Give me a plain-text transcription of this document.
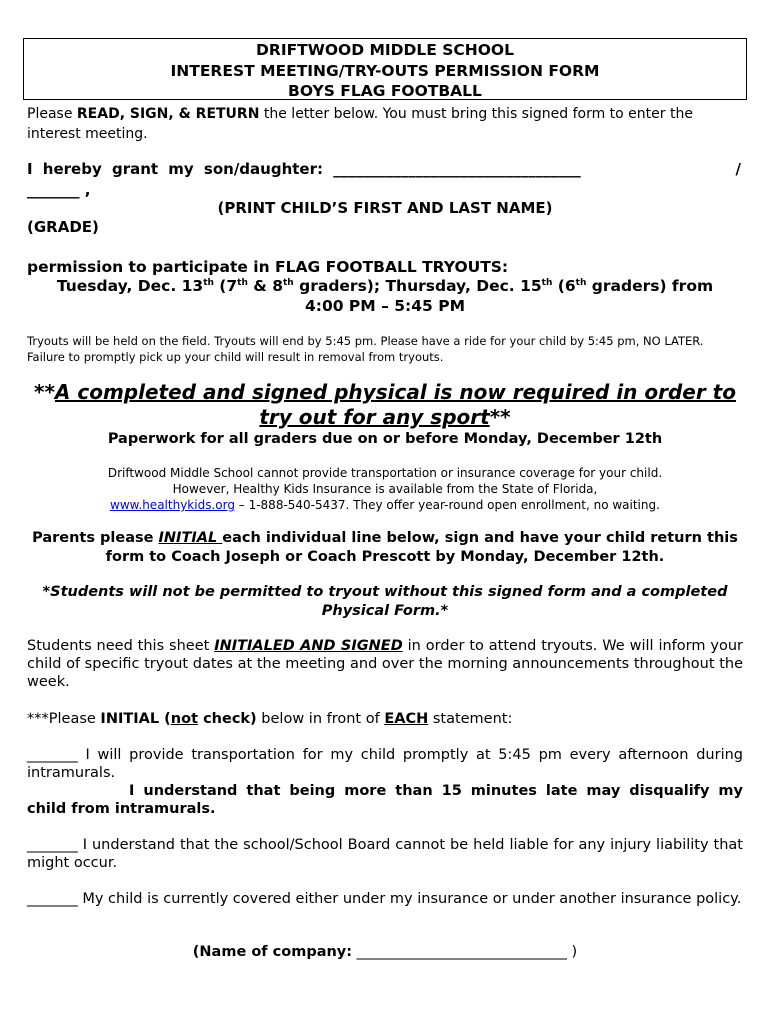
DRIFTWOOD MIDDLE SCHOOL
INTEREST MEETING/TRY-OUTS PERMISSION FORM
BOYS FLAG FOOTBALL
Please READ, SIGN, & RETURN the letter below. You must bring this signed form to enter the interest meeting.
I hereby grant my son/daughter: _________________________________	/
_______ ,
(PRINT CHILD’S FIRST AND LAST NAME)
(GRADE)
permission to participate in FLAG FOOTBALL TRYOUTS:
Tuesday, Dec. 13th (7th & 8th graders); Thursday, Dec. 15th (6th graders) from
4:00 PM – 5:45 PM
Tryouts will be held on the field. Tryouts will end by 5:45 pm. Please have a ride for your child by 5:45 pm, NO LATER. Failure to promptly pick up your child will result in removal from tryouts.
**A completed and signed physical is now required in order to try out for any sport**
Paperwork for all graders due on or before Monday, December 12th
Driftwood Middle School cannot provide transportation or insurance coverage for your child.
However, Healthy Kids Insurance is available from the State of Florida,
www.healthykids.org – 1-888-540-5437. They offer year-round open enrollment, no waiting.
Parents please INITIAL each individual line below, sign and have your child return this form to Coach Joseph or Coach Prescott by Monday, December 12th.
*Students will not be permitted to tryout without this signed form and a completed Physical Form.*
Students need this sheet INITIALED AND SIGNED in order to attend tryouts. We will inform your child of specific tryout dates at the meeting and over the morning announcements throughout the week.
***Please INITIAL (not check) below in front of EACH statement:
_______ I will provide transportation for my child promptly at 5:45 pm every afternoon during intramurals.
I understand that being more than 15 minutes late may disqualify my child from intramurals.
_______ I understand that the school/School Board cannot be held liable for any injury liability that might occur.
_______ My child is currently covered either under my insurance or under another insurance policy.
(Name of company: _____________________________ )
